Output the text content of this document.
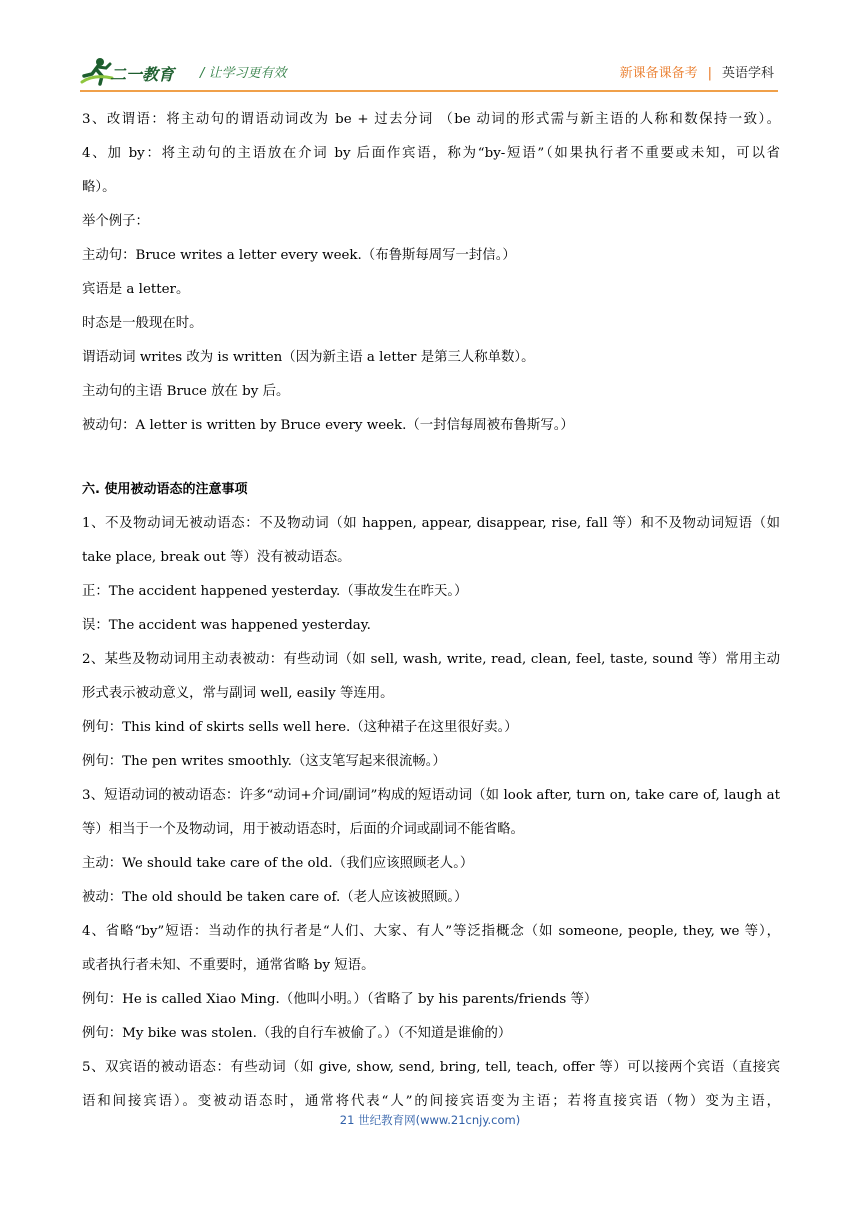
二一教育 / 让学习更有效	新课备课备考 | 英语学科
3、改谓语：将主动句的谓语动词改为 be + 过去分词 （be 动词的形式需与新主语的人称和数保持一致）。
4、加 by：将主动句的主语放在介词 by 后面作宾语，称为“by-短语”（如果执行者不重要或未知，可以省
略）。
举个例子：
主动句：Bruce writes a letter every week.（布鲁斯每周写一封信。）
宾语是 a letter。
时态是一般现在时。
谓语动词 writes 改为 is written（因为新主语 a letter 是第三人称单数）。
主动句的主语 Bruce 放在 by 后。
被动句：A letter is written by Bruce every week.（一封信每周被布鲁斯写。）
六. 使用被动语态的注意事项
1、不及物动词无被动语态：不及物动词（如 happen, appear, disappear, rise, fall 等）和不及物动词短语（如
take place, break out 等）没有被动语态。
正：The accident happened yesterday.（事故发生在昨天。）
误：The accident was happened yesterday.
2、某些及物动词用主动表被动：有些动词（如 sell, wash, write, read, clean, feel, taste, sound 等）常用主动
形式表示被动意义，常与副词 well, easily 等连用。
例句：This kind of skirts sells well here.（这种裙子在这里很好卖。）
例句：The pen writes smoothly.（这支笔写起来很流畅。）
3、短语动词的被动语态：许多“动词+介词/副词”构成的短语动词（如 look after, turn on, take care of, laugh at
等）相当于一个及物动词，用于被动语态时，后面的介词或副词不能省略。
主动：We should take care of the old.（我们应该照顾老人。）
被动：The old should be taken care of.（老人应该被照顾。）
4、省略“by”短语：当动作的执行者是“人们、大家、有人”等泛指概念（如 someone, people, they, we 等），
或者执行者未知、不重要时，通常省略 by 短语。
例句：He is called Xiao Ming.（他叫小明。）（省略了 by his parents/friends 等）
例句：My bike was stolen.（我的自行车被偷了。）（不知道是谁偷的）
5、双宾语的被动语态：有些动词（如 give, show, send, bring, tell, teach, offer 等）可以接两个宾语（直接宾
语和间接宾语）。变被动语态时，通常将代表“人”的间接宾语变为主语；若将直接宾语（物）变为主语，
21 世纪教育网(www.21cnjy.com)
